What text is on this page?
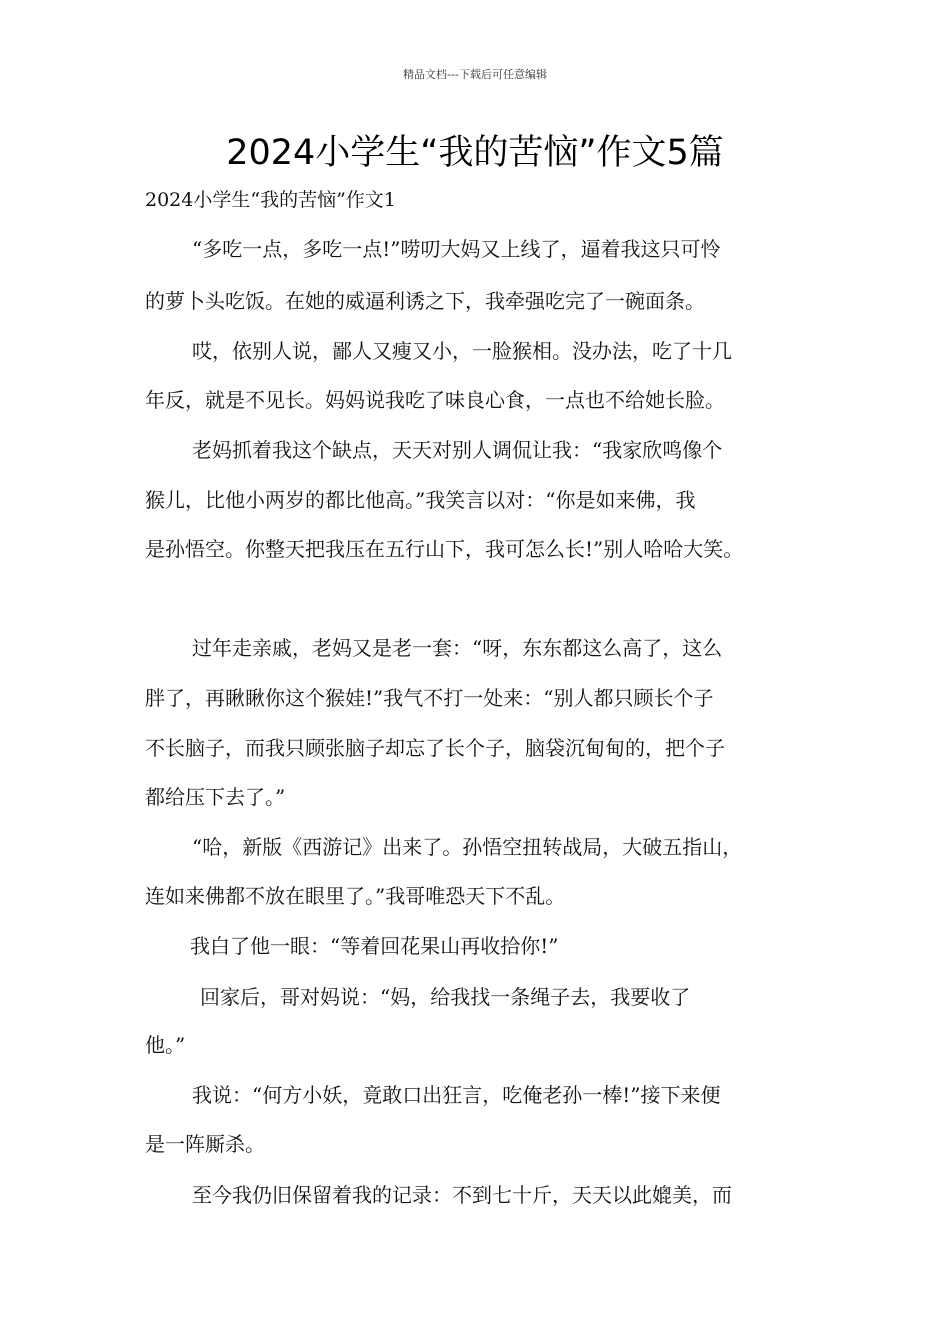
精品文档---下载后可任意编辑
2024小学生“我的苦恼”作文5篇
2024小学生“我的苦恼”作文1

“多吃一点，多吃一点!”唠叨大妈又上线了，逼着我这只可怜

的萝卜头吃饭。在她的威逼利诱之下，我牵强吃完了一碗面条。

哎，依别人说，鄙人又瘦又小，一脸猴相。没办法，吃了十几

年反，就是不见长。妈妈说我吃了味良心食，一点也不给她长脸。

老妈抓着我这个缺点，天天对别人调侃让我：“我家欣鸣像个

猴儿，比他小两岁的都比他高。”我笑言以对：“你是如来佛，我

是孙悟空。你整天把我压在五行山下，我可怎么长!”别人哈哈大笑。

过年走亲戚，老妈又是老一套：“呀，东东都这么高了，这么

胖了，再瞅瞅你这个猴娃!”我气不打一处来：“别人都只顾长个子

不长脑子，而我只顾张脑子却忘了长个子，脑袋沉甸甸的，把个子

都给压下去了。”

“哈，新版《西游记》出来了。孙悟空扭转战局，大破五指山，

连如来佛都不放在眼里了。”我哥唯恐天下不乱。

我白了他一眼：“等着回花果山再收拾你!”

回家后，哥对妈说：“妈，给我找一条绳子去，我要收了

他。”

我说：“何方小妖，竟敢口出狂言，吃俺老孙一棒!”接下来便

是一阵厮杀。

至今我仍旧保留着我的记录：不到七十斤，天天以此媲美，而
